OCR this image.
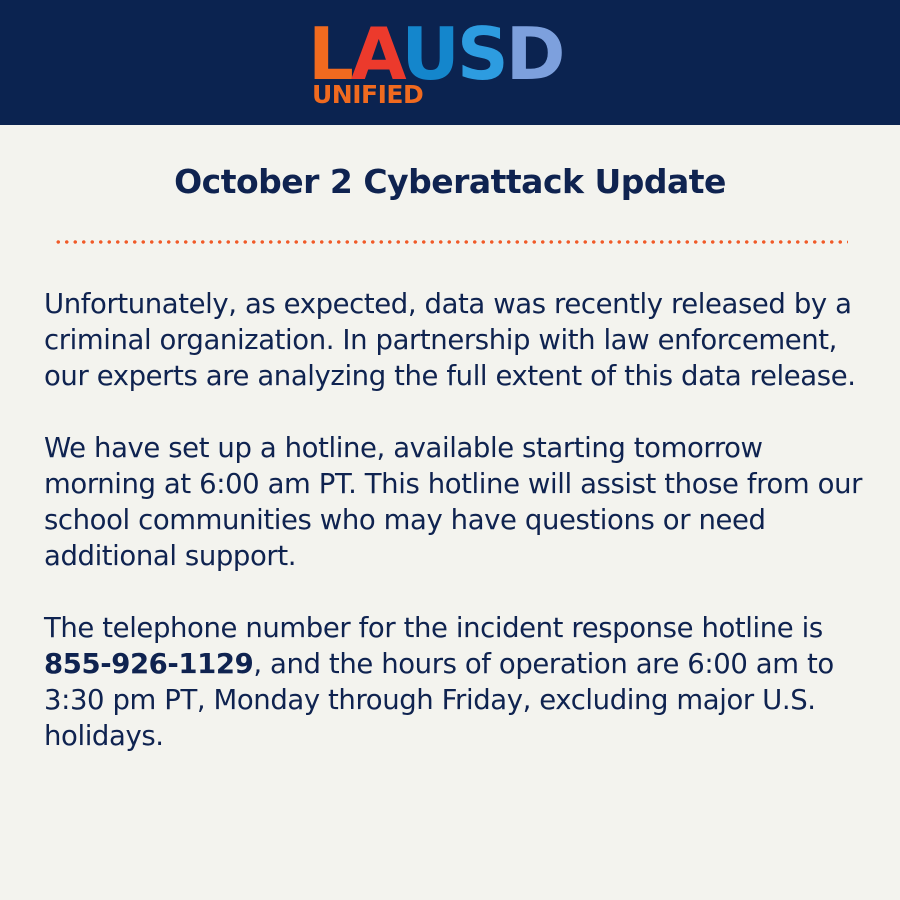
LAUSD
UNIFIED
October 2 Cyberattack Update

Unfortunately, as expected, data was recently released by a criminal organization. In partnership with law enforcement, our experts are analyzing the full extent of this data release.

We have set up a hotline, available starting tomorrow morning at 6:00 am PT. This hotline will assist those from our school communities who may have questions or need additional support.

The telephone number for the incident response hotline is 855-926-1129, and the hours of operation are 6:00 am to 3:30 pm PT, Monday through Friday, excluding major U.S. holidays.
